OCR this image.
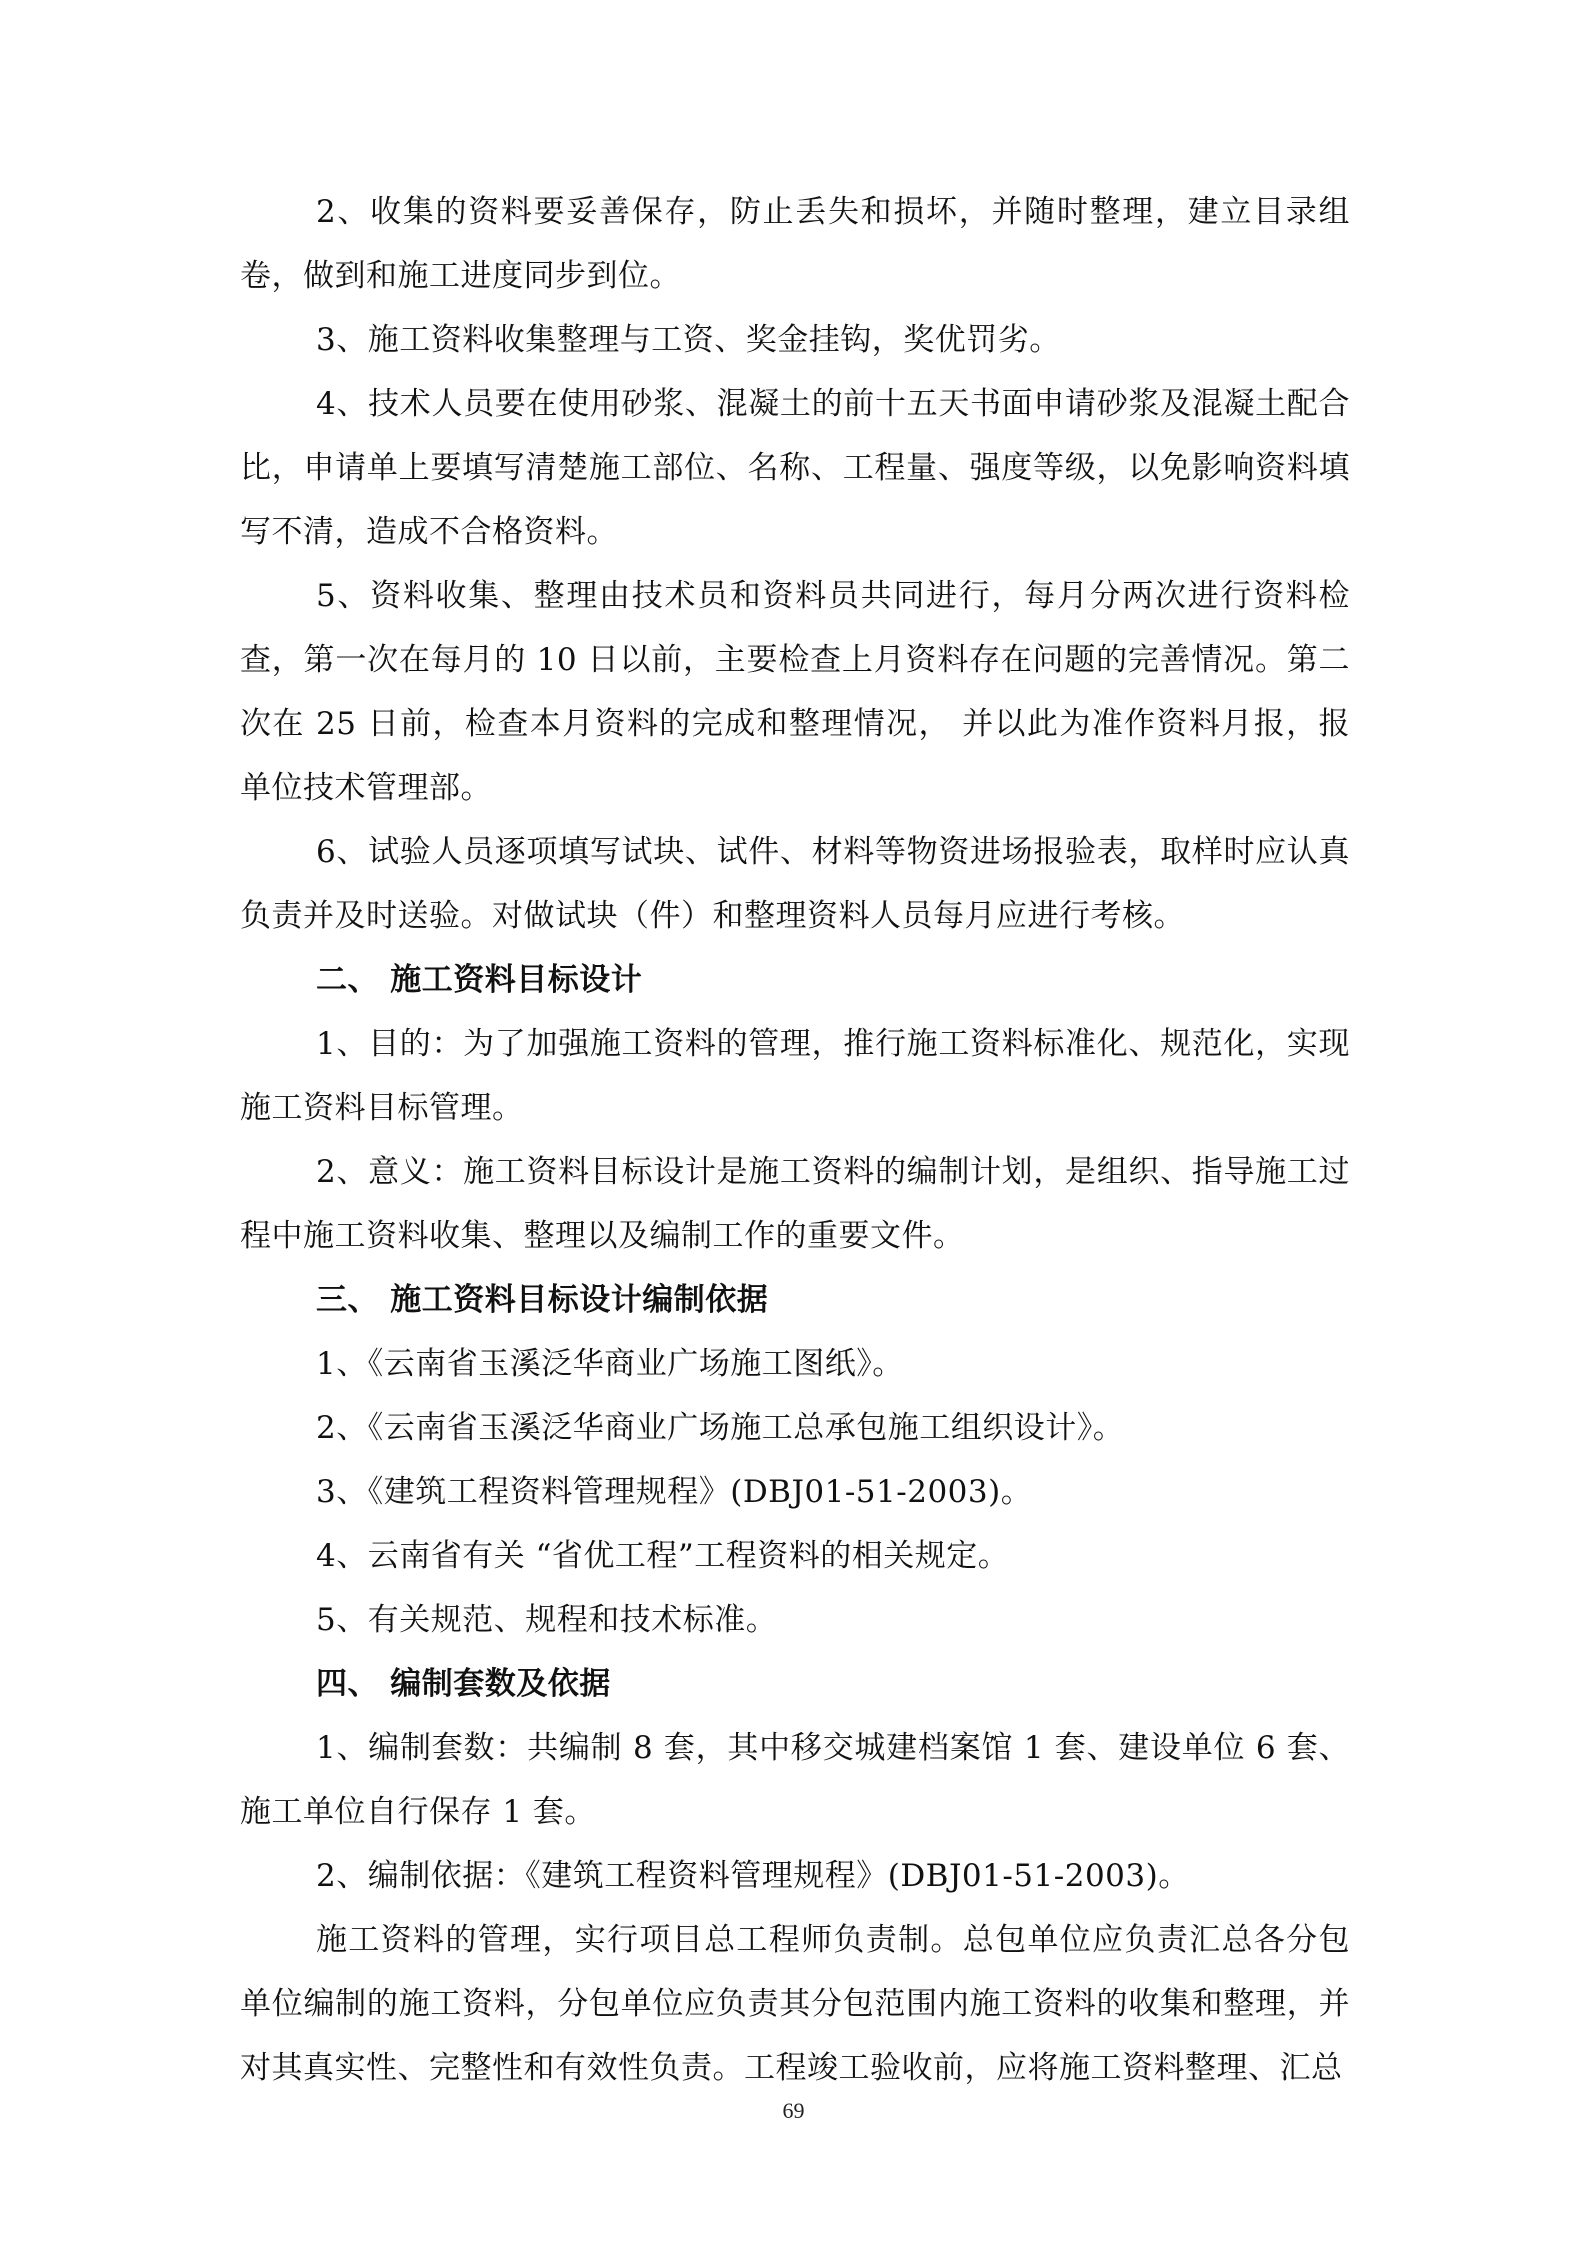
2、收集的资料要妥善保存，防止丢失和损坏，并随时整理，建立目录组卷，做到和施工进度同步到位。

3、施工资料收集整理与工资、奖金挂钩，奖优罚劣。

4、技术人员要在使用砂浆、混凝土的前十五天书面申请砂浆及混凝土配合比，申请单上要填写清楚施工部位、名称、工程量、强度等级，以免影响资料填写不清，造成不合格资料。

5、资料收集、整理由技术员和资料员共同进行，每月分两次进行资料检查，第一次在每月的 10 日以前，主要检查上月资料存在问题的完善情况。第二次在 25 日前，检查本月资料的完成和整理情况， 并以此为准作资料月报，报单位技术管理部。

6、试验人员逐项填写试块、试件、材料等物资进场报验表，取样时应认真负责并及时送验。对做试块（件）和整理资料人员每月应进行考核。

二、 施工资料目标设计

1、目的：为了加强施工资料的管理，推行施工资料标准化、规范化，实现施工资料目标管理。

2、意义：施工资料目标设计是施工资料的编制计划，是组织、指导施工过程中施工资料收集、整理以及编制工作的重要文件。

三、 施工资料目标设计编制依据

1、《云南省玉溪泛华商业广场施工图纸》。

2、《云南省玉溪泛华商业广场施工总承包施工组织设计》。

3、《建筑工程资料管理规程》(DBJ01-51-2003)。

4、云南省有关 “省优工程”工程资料的相关规定。

5、有关规范、规程和技术标准。

四、 编制套数及依据

1、编制套数：共编制 8 套，其中移交城建档案馆 1 套、建设单位 6 套、施工单位自行保存 1 套。

2、编制依据：《建筑工程资料管理规程》(DBJ01-51-2003)。

施工资料的管理，实行项目总工程师负责制。总包单位应负责汇总各分包单位编制的施工资料，分包单位应负责其分包范围内施工资料的收集和整理，并对其真实性、完整性和有效性负责。工程竣工验收前，应将施工资料整理、汇总

69
